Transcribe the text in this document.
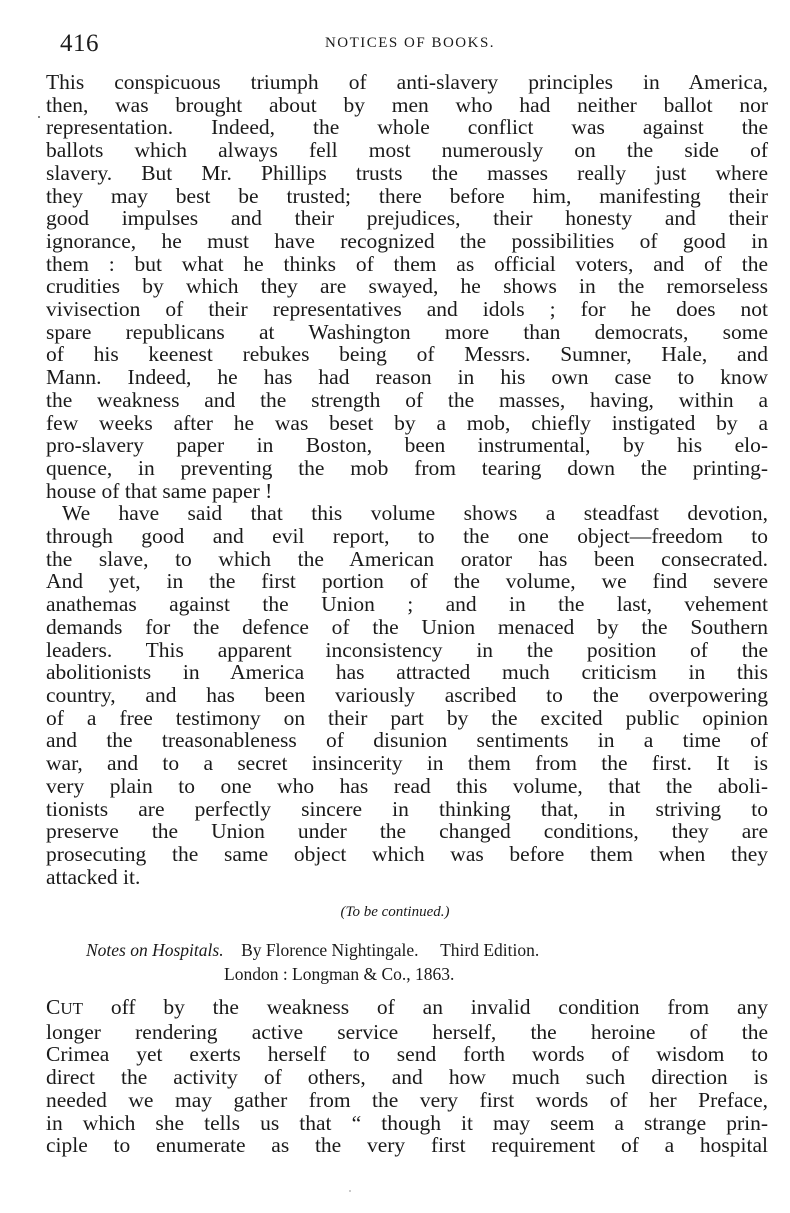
416	NOTICES OF BOOKS.
This conspicuous triumph of anti-slavery principles in America,
then, was brought about by men who had neither ballot nor
representation. Indeed, the whole conflict was against the
ballots which always fell most numerously on the side of
slavery. But Mr. Phillips trusts the masses really just where
they may best be trusted; there before him, manifesting their
good impulses and their prejudices, their honesty and their
ignorance, he must have recognized the possibilities of good in
them : but what he thinks of them as official voters, and of the
crudities by which they are swayed, he shows in the remorseless
vivisection of their representatives and idols ; for he does not
spare republicans at Washington more than democrats, some
of his keenest rebukes being of Messrs. Sumner, Hale, and
Mann. Indeed, he has had reason in his own case to know
the weakness and the strength of the masses, having, within a
few weeks after he was beset by a mob, chiefly instigated by a
pro-slavery paper in Boston, been instrumental, by his elo-
quence, in preventing the mob from tearing down the printing-
house of that same paper !
We have said that this volume shows a steadfast devotion,
through good and evil report, to the one object—freedom to
the slave, to which the American orator has been consecrated.
And yet, in the first portion of the volume, we find severe
anathemas against the Union ; and in the last, vehement
demands for the defence of the Union menaced by the Southern
leaders. This apparent inconsistency in the position of the
abolitionists in America has attracted much criticism in this
country, and has been variously ascribed to the overpowering
of a free testimony on their part by the excited public opinion
and the treasonableness of disunion sentiments in a time of
war, and to a secret insincerity in them from the first. It is
very plain to one who has read this volume, that the aboli-
tionists are perfectly sincere in thinking that, in striving to
preserve the Union under the changed conditions, they are
prosecuting the same object which was before them when they
attacked it.
(To be continued.)
Notes on Hospitals. By Florence Nightingale. Third Edition.
London : Longman & Co., 1863.
CUT off by the weakness of an invalid condition from any
longer rendering active service herself, the heroine of the
Crimea yet exerts herself to send forth words of wisdom to
direct the activity of others, and how much such direction is
needed we may gather from the very first words of her Preface,
in which she tells us that “ though it may seem a strange prin-
ciple to enumerate as the very first requirement of a hospital
